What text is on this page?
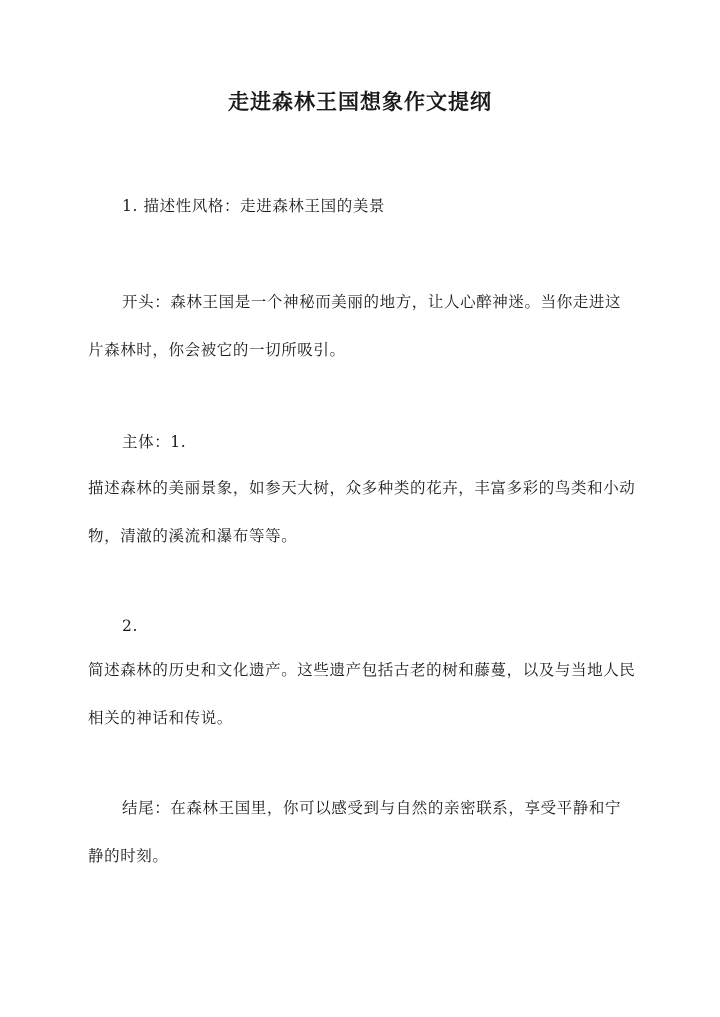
走进森林王国想象作文提纲
1. 描述性风格：走进森林王国的美景
开头：森林王国是一个神秘而美丽的地方，让人心醉神迷。当你走进这片森林时，你会被它的一切所吸引。
主体：1.
描述森林的美丽景象，如参天大树，众多种类的花卉，丰富多彩的鸟类和小动物，清澈的溪流和瀑布等等。
2.
简述森林的历史和文化遗产。这些遗产包括古老的树和藤蔓，以及与当地人民相关的神话和传说。
结尾：在森林王国里，你可以感受到与自然的亲密联系，享受平静和宁静的时刻。
